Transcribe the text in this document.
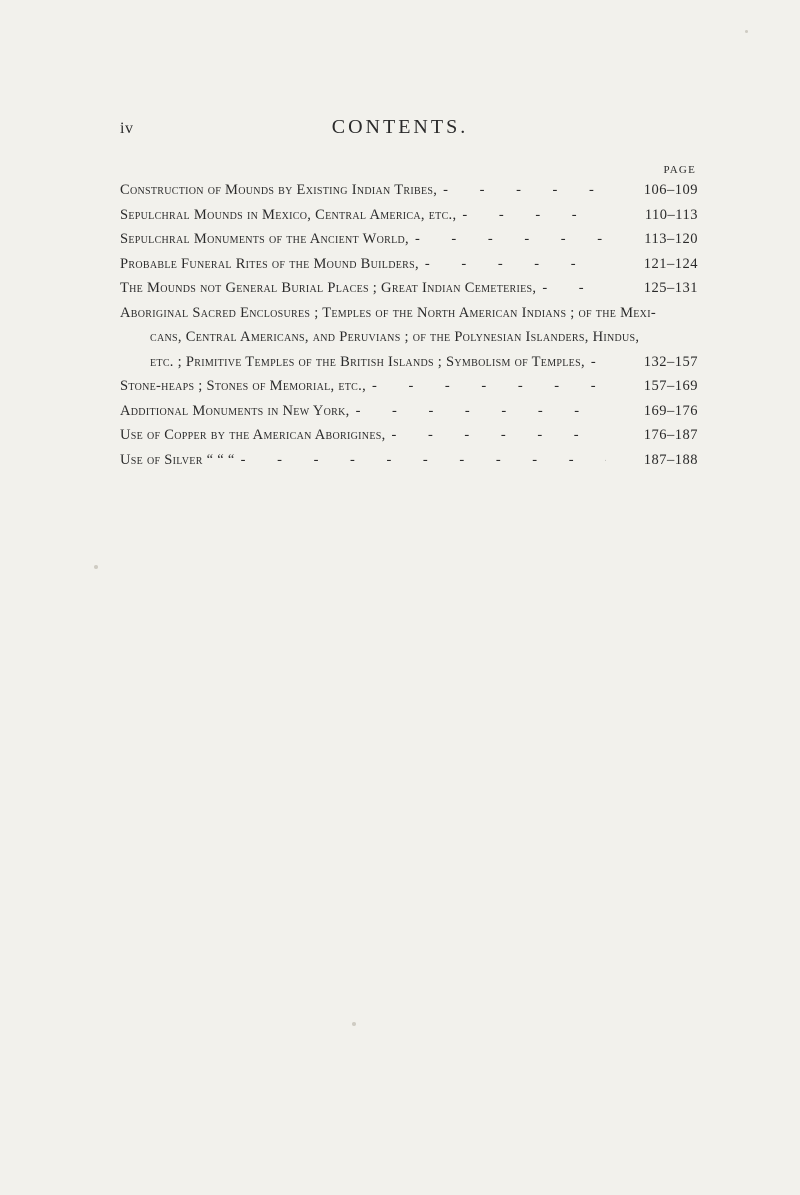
iv	CONTENTS.
PAGE
Construction of Mounds by Existing Indian Tribes, - - -	106–109
Sepulchral Mounds in Mexico, Central America, etc., - - -	110–113
Sepulchral Monuments of the Ancient World, - - -	113–120
Probable Funeral Rites of the Mound Builders, - - -	121–124
The Mounds not General Burial Places ; Great Indian Cemeteries, - - -	125–131
Aboriginal Sacred Enclosures ; Temples of the North American Indians ; of the Mexi-
cans, Central Americans, and Peruvians ; of the Polynesian Islanders, Hindus,
etc. ; Primitive Temples of the British Islands ; Symbolism of Temples, - - -	132–157
Stone-heaps ; Stones of Memorial, etc., - - -	157–169
Additional Monuments in New York, - - -	169–176
Use of Copper by the American Aborigines, - - -	176–187
Use of Silver “ “ “ - - -	187–188
